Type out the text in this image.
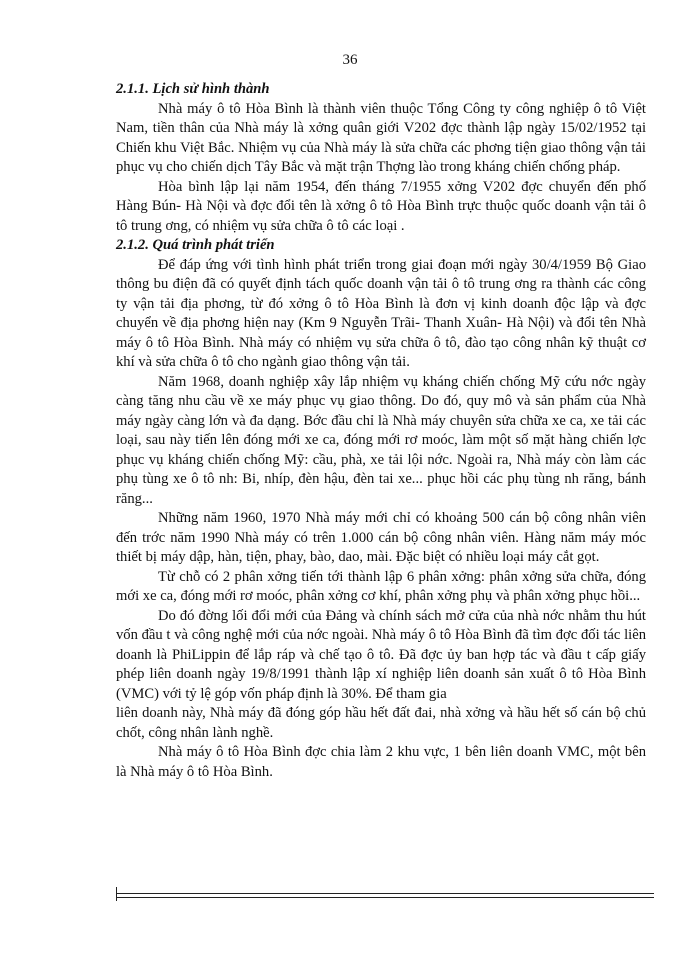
36
2.1.1. Lịch sử hình thành

Nhà máy ô tô Hòa Bình là thành viên thuộc Tổng Công ty công nghiệp ô tô Việt Nam, tiền thân của Nhà máy là xởng quân giới V202 đợc thành lập ngày 15/02/1952 tại Chiến khu Việt Bắc. Nhiệm vụ của Nhà máy là sửa chữa các phơng tiện giao thông vận tải phục vụ cho chiến dịch Tây Bắc và mặt trận Thợng lào trong kháng chiến chống pháp.

Hòa bình lập lại năm 1954, đến tháng 7/1955 xởng V202 đợc chuyển đến phố Hàng Bún- Hà Nội và đợc đổi tên là xởng ô tô Hòa Bình trực thuộc quốc doanh vận tải ô tô trung ơng, có nhiệm vụ sửa chữa ô tô các loại .

2.1.2. Quá trình phát triển

Để đáp ứng với tình hình phát triển trong giai đoạn mới ngày 30/4/1959 Bộ Giao thông bu điện đã có quyết định tách quốc doanh vận tải ô tô trung ơng ra thành các công ty vận tải địa phơng, từ đó xởng ô tô Hòa Bình là đơn vị kinh doanh độc lập và đợc chuyển về địa phơng hiện nay (Km 9 Nguyễn Trãi- Thanh Xuân- Hà Nội) và đổi tên Nhà máy ô tô Hòa Bình. Nhà máy có nhiệm vụ sửa chữa ô tô, đào tạo công nhân kỹ thuật cơ khí và sửa chữa ô tô cho ngành giao thông vận tải.

Năm 1968, doanh nghiệp xây lắp nhiệm vụ kháng chiến chống Mỹ cứu nớc ngày càng tăng nhu cầu về xe máy phục vụ giao thông. Do đó, quy mô và sản phẩm của Nhà máy ngày càng lớn và đa dạng. Bớc đầu chỉ là Nhà máy chuyên sửa chữa xe ca, xe tải các loại, sau này tiến lên đóng mới xe ca, đóng mới rơ moóc, làm một số mặt hàng chiến lợc phục vụ kháng chiến chống Mỹ: cầu, phà, xe tải lội nớc. Ngoài ra, Nhà máy còn làm các phụ tùng xe ô tô nh: Bi, nhíp, đèn hậu, đèn tai xe... phục hồi các phụ tùng nh răng, bánh răng...

Những năm 1960, 1970 Nhà máy mới chỉ có khoảng 500 cán bộ công nhân viên đến trớc năm 1990 Nhà máy có trên 1.000 cán bộ công nhân viên. Hàng năm máy móc thiết bị máy dập, hàn, tiện, phay, bào, dao, mài. Đặc biệt có nhiều loại máy cắt gọt.

Từ chỗ có 2 phân xởng tiến tới thành lập 6 phân xởng: phân xởng sửa chữa, đóng mới xe ca, đóng mới rơ moóc, phân xởng cơ khí, phân xởng phụ và phân xởng phục hồi...

Do đó đờng lối đổi mới của Đảng và chính sách mở cửa của nhà nớc nhằm thu hút vốn đầu t và công nghệ mới của nớc ngoài. Nhà máy ô tô Hòa Bình đã tìm đợc đối tác liên doanh là PhiLippin để lắp ráp và chế tạo ô tô. Đã đợc ủy ban hợp tác và đầu t cấp giấy phép liên doanh ngày 19/8/1991 thành lập xí nghiệp liên doanh sản xuất ô tô Hòa Bình (VMC) với tỷ lệ góp vốn pháp định là 30%. Để tham gia

liên doanh này, Nhà máy đã đóng góp hầu hết đất đai, nhà xởng và hầu hết số cán bộ chủ chốt, công nhân lành nghề.

Nhà máy ô tô Hòa Bình đợc chia làm 2 khu vực, 1 bên liên doanh VMC, một bên là Nhà máy ô tô Hòa Bình.
